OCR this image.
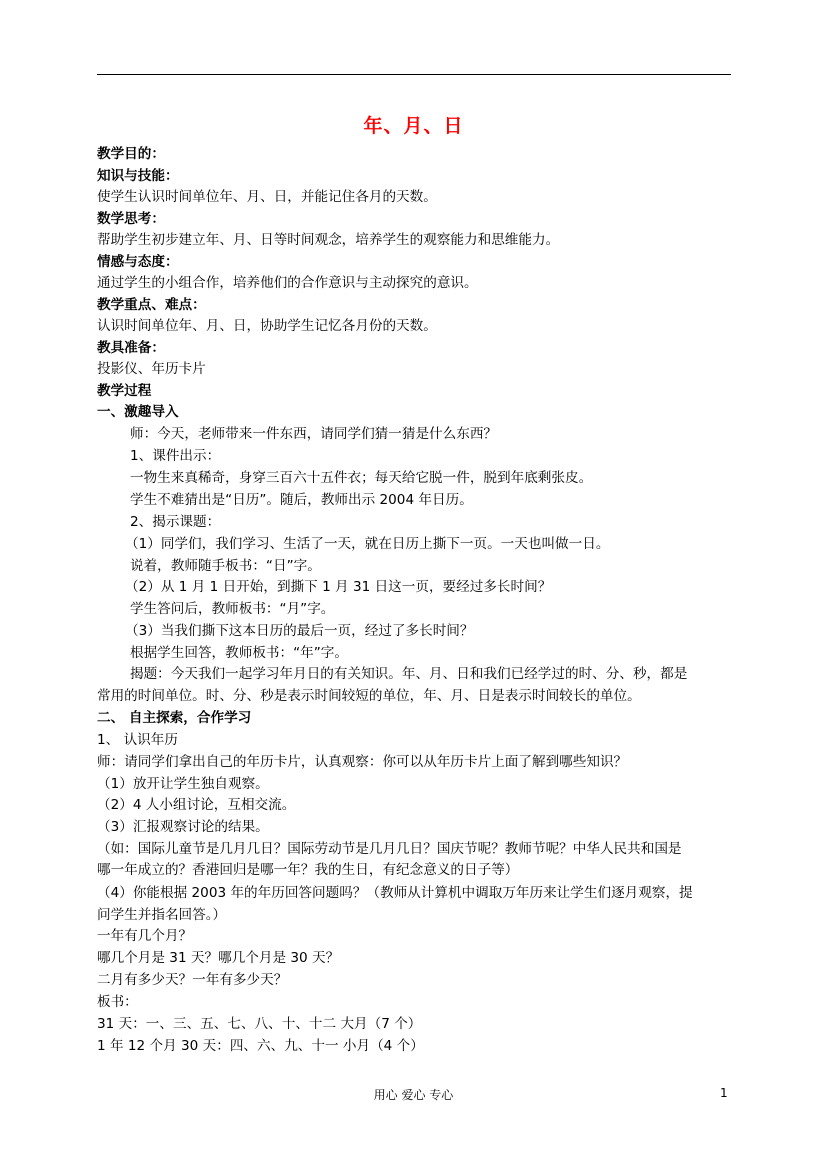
年、月、日
教学目的：
知识与技能：
使学生认识时间单位年、月、日，并能记住各月的天数。
数学思考：
帮助学生初步建立年、月、日等时间观念，培养学生的观察能力和思维能力。
情感与态度：
通过学生的小组合作，培养他们的合作意识与主动探究的意识。
教学重点、难点：
认识时间单位年、月、日，协助学生记忆各月份的天数。
教具准备：
投影仪、年历卡片
教学过程
一、激趣导入
师：今天，老师带来一件东西，请同学们猜一猜是什么东西？
1、课件出示：
一物生来真稀奇，身穿三百六十五件衣；每天给它脱一件，脱到年底剩张皮。
学生不难猜出是“日历”。随后，教师出示 2004 年日历。
2、揭示课题：
（1）同学们，我们学习、生活了一天，就在日历上撕下一页。一天也叫做一日。
说着，教师随手板书：“日”字。
（2）从 1 月 1 日开始，到撕下 1 月 31 日这一页，要经过多长时间？
学生答问后，教师板书：“月”字。
（3）当我们撕下这本日历的最后一页，经过了多长时间？
根据学生回答，教师板书：“年”字。
揭题：今天我们一起学习年月日的有关知识。年、月、日和我们已经学过的时、分、秒，都是
常用的时间单位。时、分、秒是表示时间较短的单位，年、月、日是表示时间较长的单位。
二、 自主探索，合作学习
1、 认识年历
师：请同学们拿出自己的年历卡片，认真观察：你可以从年历卡片上面了解到哪些知识？
（1）放开让学生独自观察。
（2）4 人小组讨论，互相交流。
（3）汇报观察讨论的结果。
（如：国际儿童节是几月几日？国际劳动节是几月几日？国庆节呢？教师节呢？中华人民共和国是
哪一年成立的？香港回归是哪一年？我的生日，有纪念意义的日子等）
（4）你能根据 2003 年的年历回答问题吗？（教师从计算机中调取万年历来让学生们逐月观察，提
问学生并指名回答。）
一年有几个月？
哪几个月是 31 天？哪几个月是 30 天？
二月有多少天？一年有多少天？
板书：
31 天：一、三、五、七、八、十、十二 大月（7 个）
1 年 12 个月 30 天：四、六、九、十一 小月（4 个）
用心 爱心 专心	1
